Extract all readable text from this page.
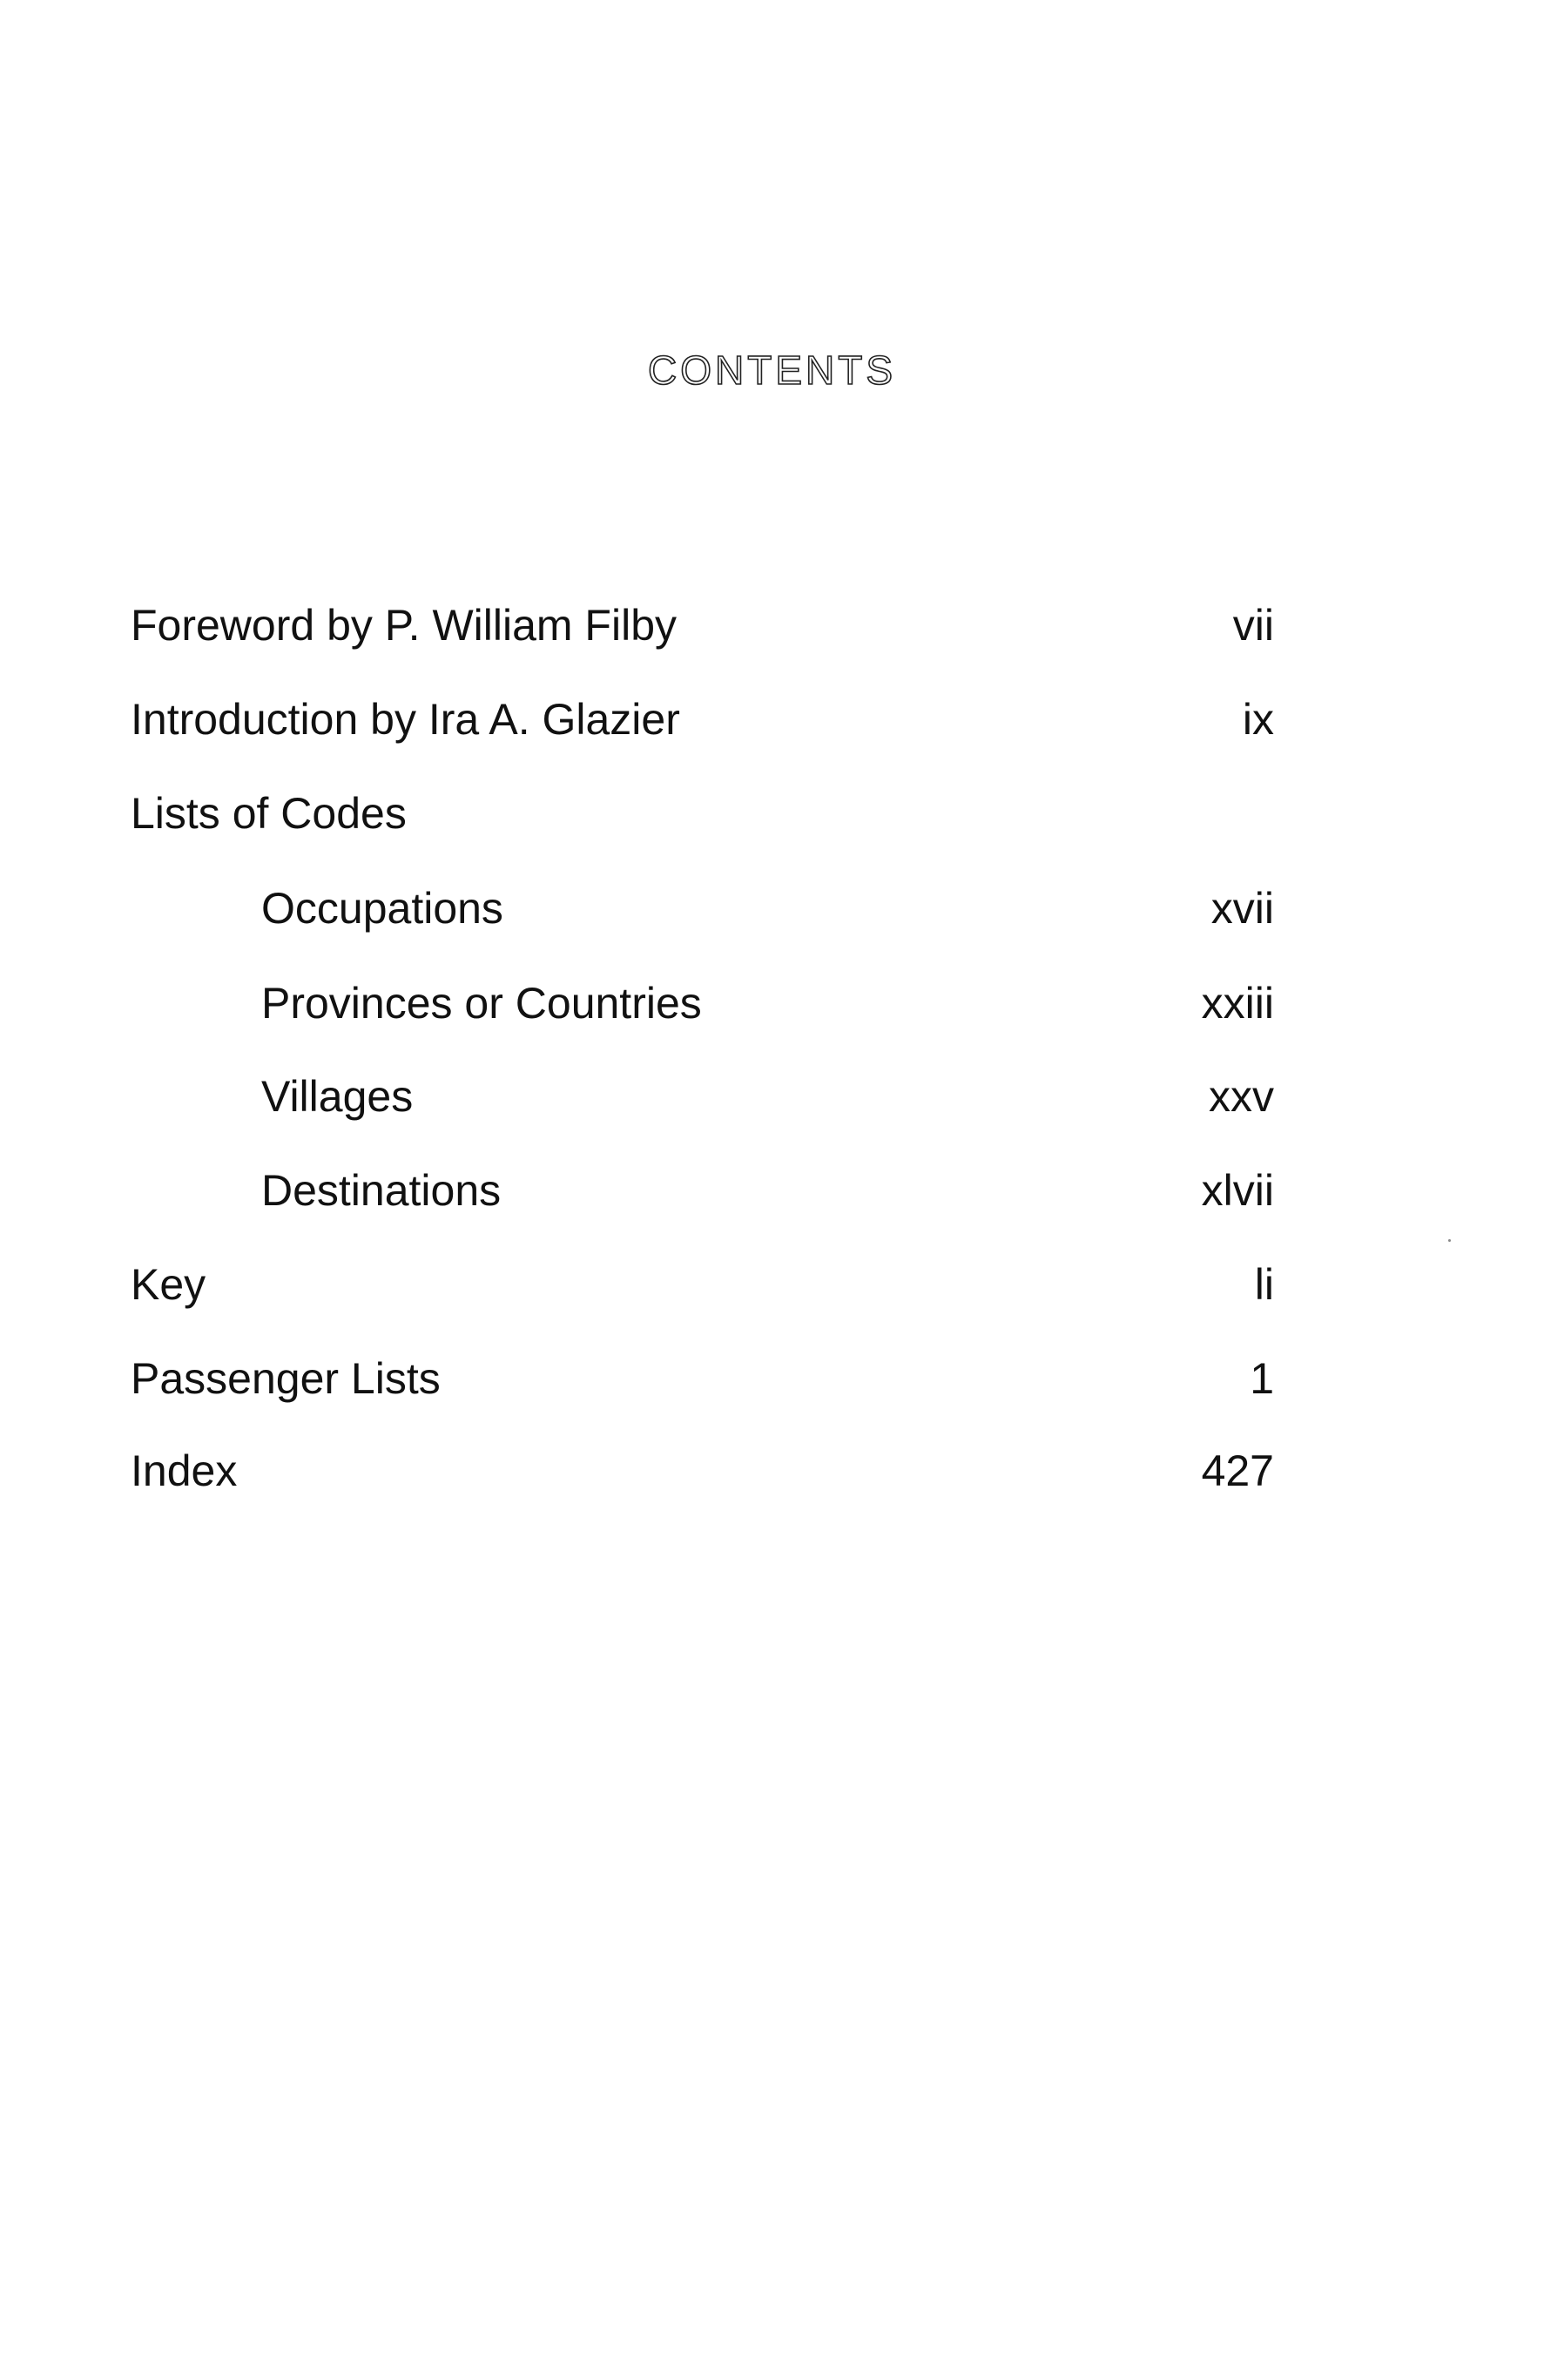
CONTENTS
Foreword by P. William Filby	vii
Introduction by Ira A. Glazier	ix
Lists of Codes
Occupations	xvii
Provinces or Countries	xxiii
Villages	xxv
Destinations	xlvii
Key	li
Passenger Lists	1
Index	427
